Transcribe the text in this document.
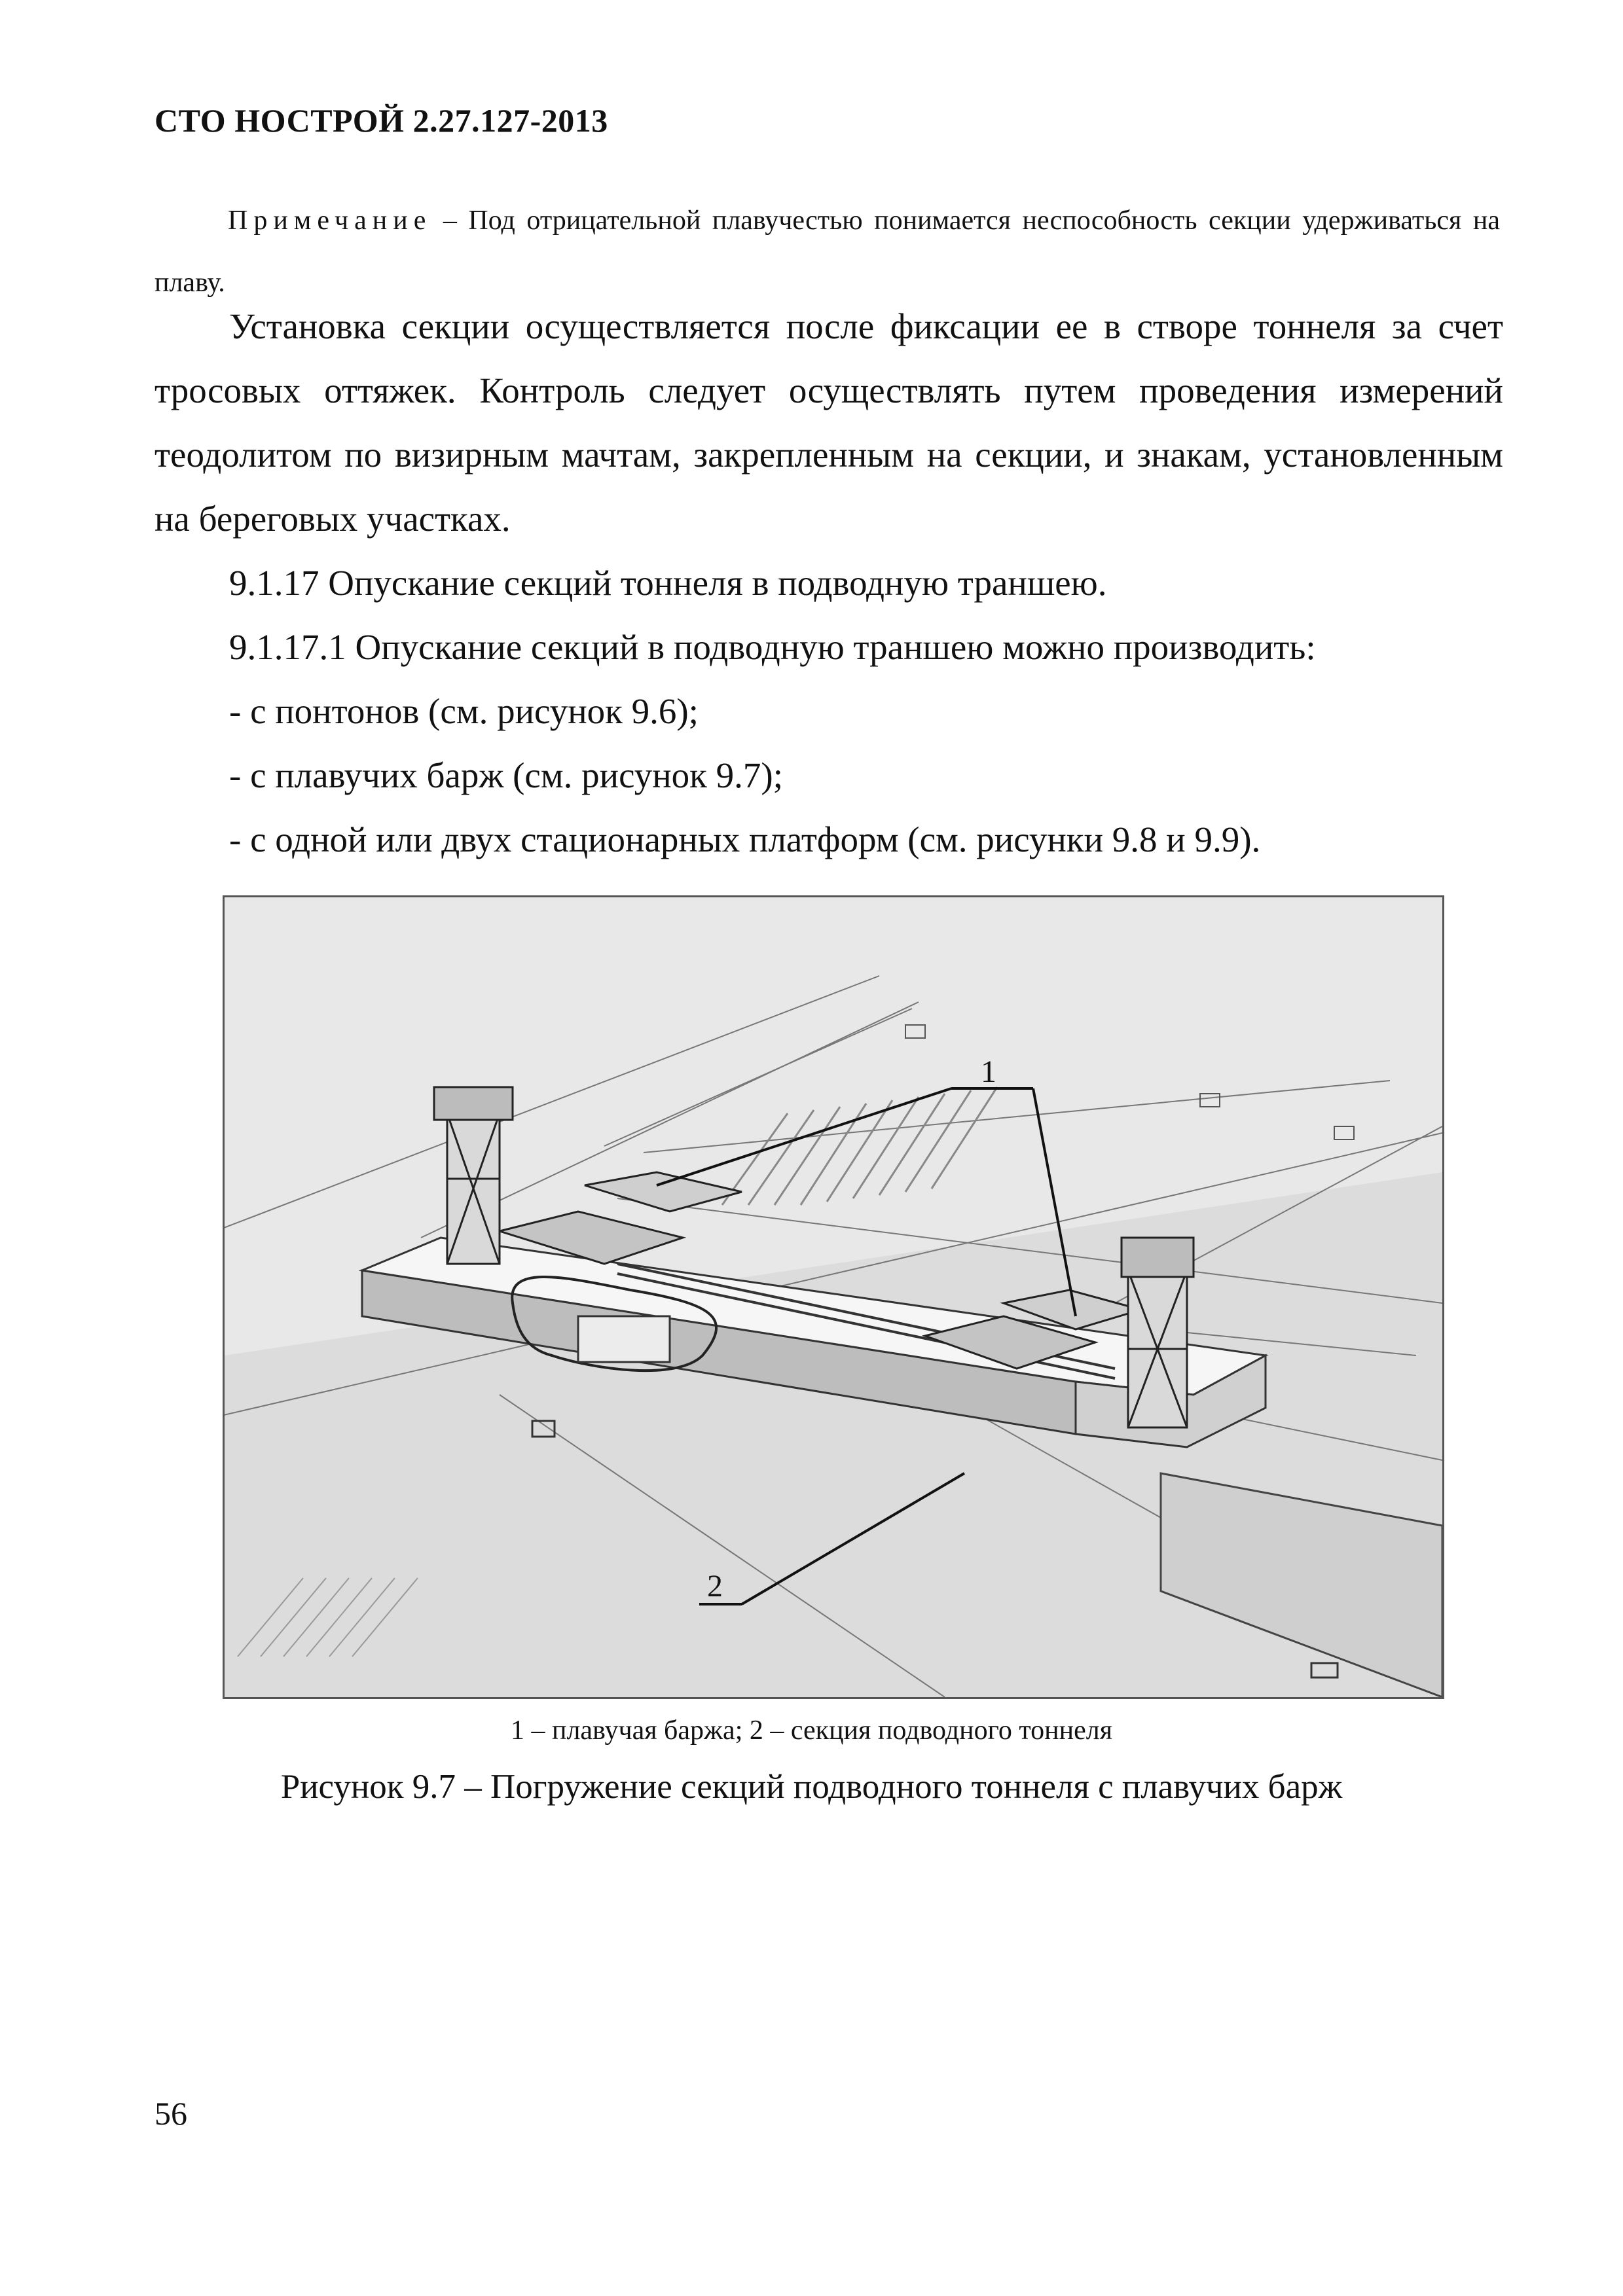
СТО НОСТРОЙ 2.27.127-2013
Примечание – Под отрицательной плавучестью понимается неспособность секции удерживаться на плаву.

Установка секции осуществляется после фиксации ее в створе тоннеля за счет тросовых оттяжек. Контроль следует осуществлять путем проведения измерений теодолитом по визирным мачтам, закрепленным на секции, и знакам, установленным на береговых участках.

9.1.17 Опускание секций тоннеля в подводную траншею.

9.1.17.1 Опускание секций в подводную траншею можно производить:

- с понтонов (см. рисунок 9.6);

- с плавучих барж (см. рисунок 9.7);

- с одной или двух стационарных платформ (см. рисунки 9.8 и 9.9).

1
2
1 – плавучая баржа; 2 – секция подводного тоннеля
Рисунок 9.7 – Погружение секций подводного тоннеля с плавучих барж
56
